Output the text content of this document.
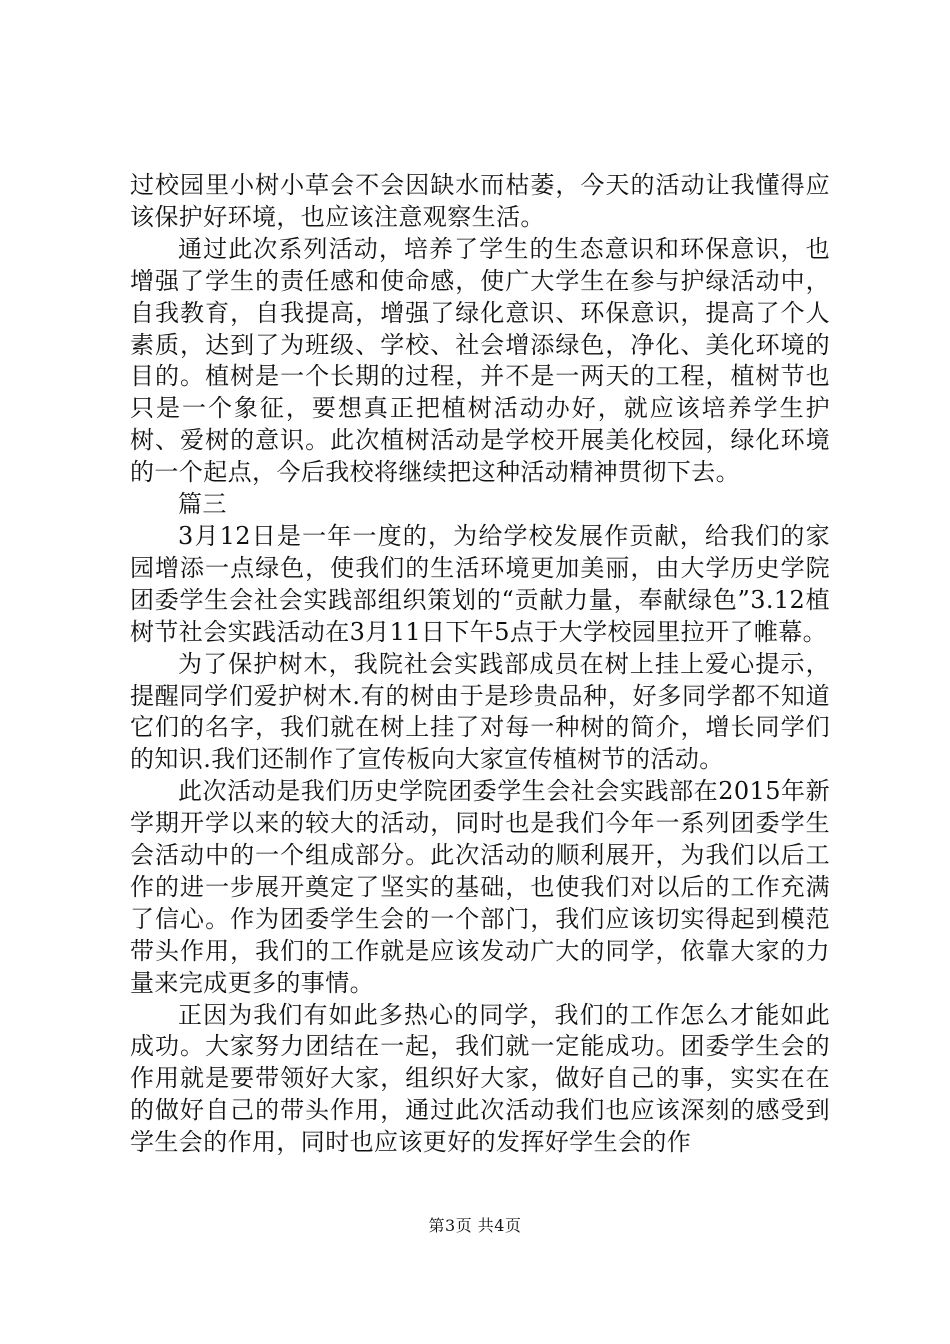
过校园里小树小草会不会因缺水而枯萎，今天的活动让我懂得应该保护好环境，也应该注意观察生活。

通过此次系列活动，培养了学生的生态意识和环保意识，也增强了学生的责任感和使命感，使广大学生在参与护绿活动中，自我教育，自我提高，增强了绿化意识、环保意识，提高了个人素质，达到了为班级、学校、社会增添绿色，净化、美化环境的目的。植树是一个长期的过程，并不是一两天的工程，植树节也只是一个象征，要想真正把植树活动办好，就应该培养学生护树、爱树的意识。此次植树活动是学校开展美化校园，绿化环境的一个起点，今后我校将继续把这种活动精神贯彻下去。

篇三

3月12日是一年一度的，为给学校发展作贡献，给我们的家园增添一点绿色，使我们的生活环境更加美丽，由大学历史学院团委学生会社会实践部组织策划的“贡献力量，奉献绿色”3.12植树节社会实践活动在3月11日下午5点于大学校园里拉开了帷幕。

为了保护树木，我院社会实践部成员在树上挂上爱心提示，提醒同学们爱护树木.有的树由于是珍贵品种，好多同学都不知道它们的名字，我们就在树上挂了对每一种树的简介，增长同学们的知识.我们还制作了宣传板向大家宣传植树节的活动。

此次活动是我们历史学院团委学生会社会实践部在2015年新学期开学以来的较大的活动，同时也是我们今年一系列团委学生会活动中的一个组成部分。此次活动的顺利展开，为我们以后工作的进一步展开奠定了坚实的基础，也使我们对以后的工作充满了信心。作为团委学生会的一个部门，我们应该切实得起到模范带头作用，我们的工作就是应该发动广大的同学，依靠大家的力量来完成更多的事情。

正因为我们有如此多热心的同学，我们的工作怎么才能如此成功。大家努力团结在一起，我们就一定能成功。团委学生会的作用就是要带领好大家，组织好大家，做好自己的事，实实在在的做好自己的带头作用，通过此次活动我们也应该深刻的感受到学生会的作用，同时也应该更好的发挥好学生会的作

第3页 共4页
